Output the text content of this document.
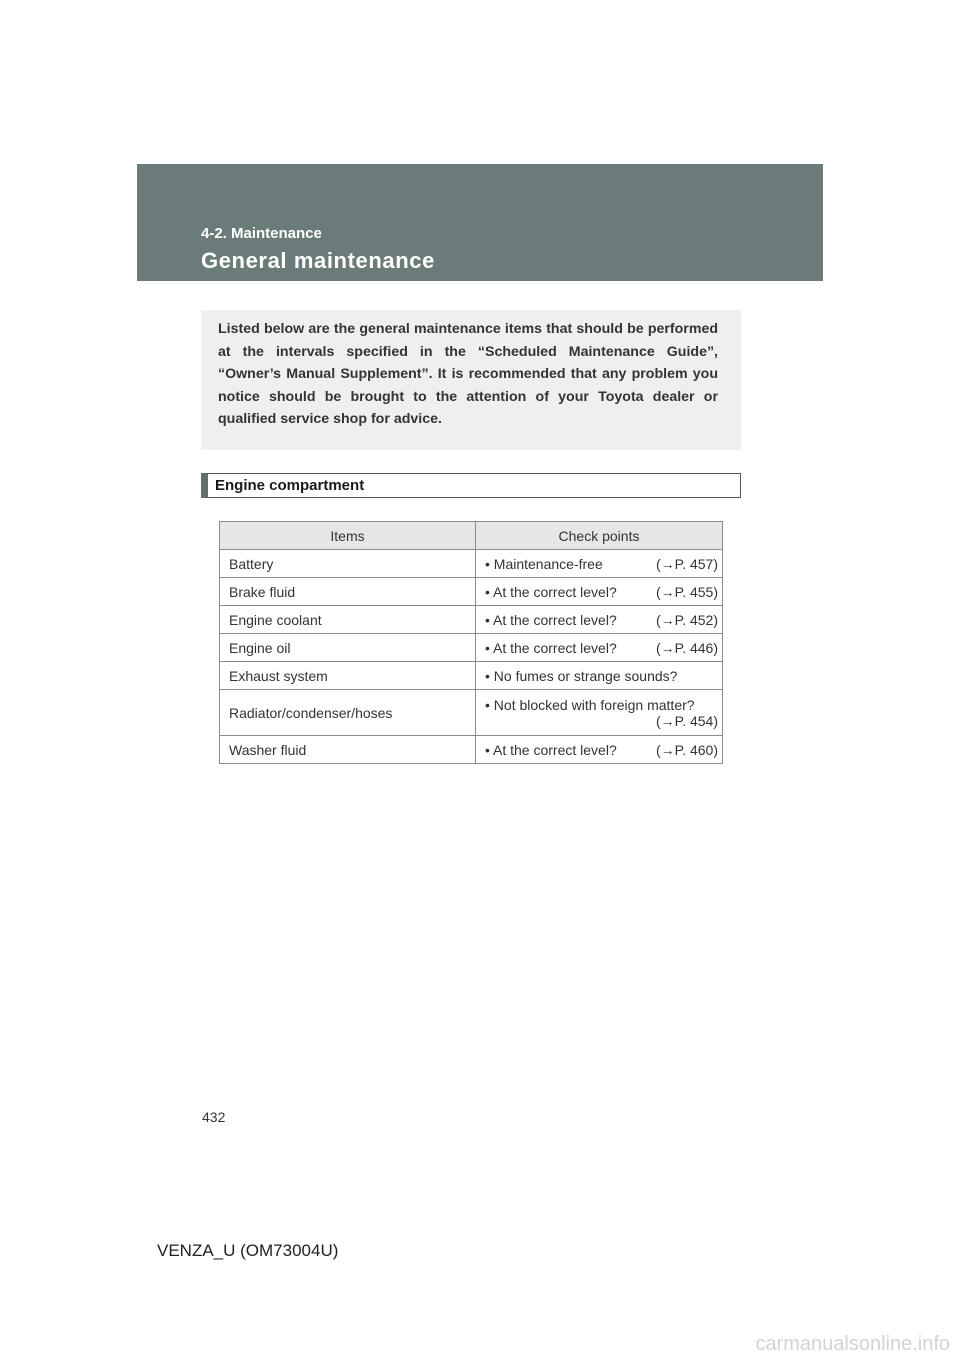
4-2. Maintenance
General maintenance

Listed below are the general maintenance items that should be performed at the intervals specified in the “Scheduled Maintenance Guide”, “Owner’s Manual Supplement”. It is recommended that any problem you notice should be brought to the attention of your Toyota dealer or qualified service shop for advice.

Engine compartment
Items	Check points
Battery	• Maintenance-free (→P. 457)

Brake fluid	• At the correct level? (→P. 455)

Engine coolant	• At the correct level? (→P. 452)

Engine oil	• At the correct level? (→P. 446)

Exhaust system	• No fumes or strange sounds?

Radiator/condenser/hoses	• Not blocked with foreign matter?
(→P. 454)

Washer fluid	• At the correct level? (→P. 460)
432
VENZA_U (OM73004U)
carmanualsonline.info
